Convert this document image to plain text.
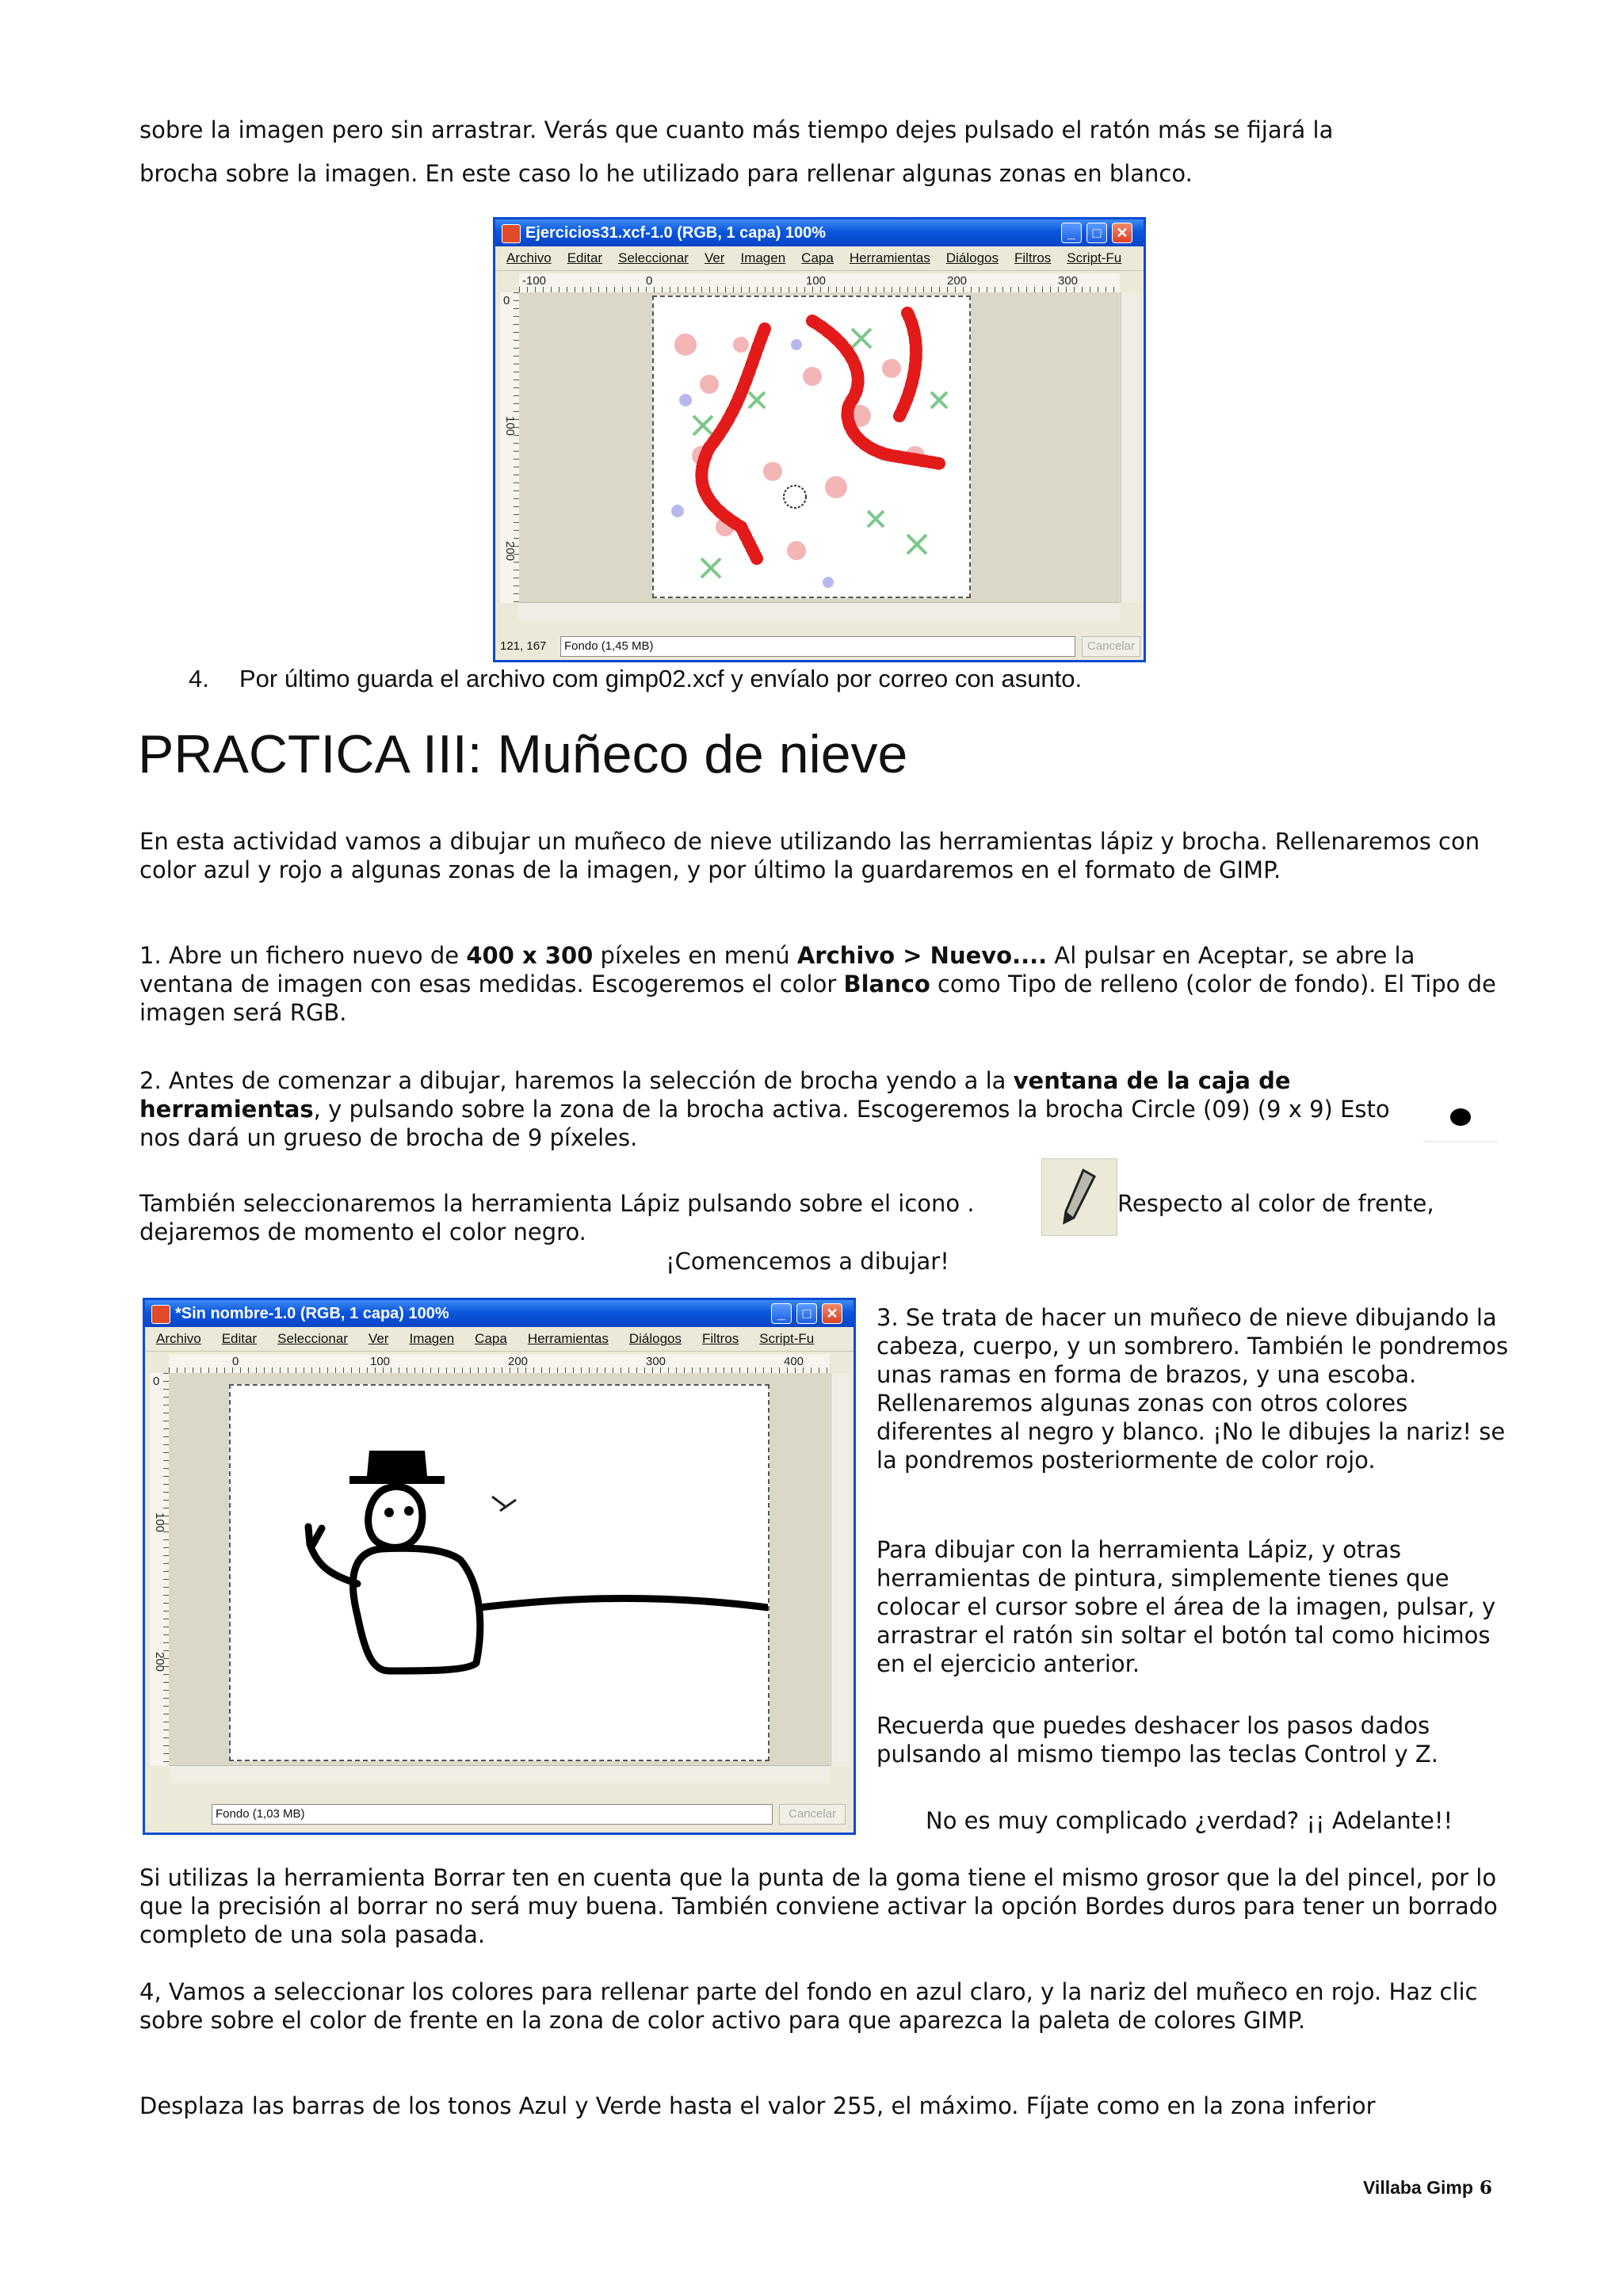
sobre la imagen pero sin arrastrar. Verás que cuanto más tiempo dejes pulsado el ratón más se fijará la
brocha sobre la imagen. En este caso lo he utilizado para rellenar algunas zonas en blanco.
Ejercicios31.xcf-1.0 (RGB, 1 capa) 100%	_	□	✕
Archivo Editar Seleccionar Ver Imagen Capa Herramientas Diálogos Filtros Script-Fu
-100	0	100	200	300
0
100
200
121, 167	Fondo (1,45 MB)	Cancelar
4. Por último guarda el archivo com gimp02.xcf y envíalo por correo con asunto.
PRACTICA III: Muñeco de nieve
En esta actividad vamos a dibujar un muñeco de nieve utilizando las herramientas lápiz y brocha. Rellenaremos con color azul y rojo a algunas zonas de la imagen, y por último la guardaremos en el formato de GIMP.
1. Abre un fichero nuevo de 400 x 300 píxeles en menú Archivo > Nuevo.... Al pulsar en Aceptar, se abre la ventana de imagen con esas medidas. Escogeremos el color Blanco como Tipo de relleno (color de fondo). El Tipo de imagen será RGB.
2. Antes de comenzar a dibujar, haremos la selección de brocha yendo a la ventana de la caja de herramientas, y pulsando sobre la zona de la brocha activa. Escogeremos la brocha Circle (09) (9 x 9) Esto nos dará un grueso de brocha de 9 píxeles.
También seleccionaremos la herramienta Lápiz pulsando sobre el icono .	Respecto al color de frente,
dejaremos de momento el color negro.
¡Comencemos a dibujar!
*Sin nombre-1.0 (RGB, 1 capa) 100%	_	□	✕
Archivo Editar Seleccionar Ver Imagen Capa Herramientas Diálogos Filtros Script-Fu
0	100	200	300	400
0
100
200
Fondo (1,03 MB)	Cancelar
3. Se trata de hacer un muñeco de nieve dibujando la cabeza, cuerpo, y un sombrero. También le pondremos unas ramas en forma de brazos, y una escoba. Rellenaremos algunas zonas con otros colores diferentes al negro y blanco. ¡No le dibujes la nariz! se la pondremos posteriormente de color rojo.
Para dibujar con la herramienta Lápiz, y otras herramientas de pintura, simplemente tienes que colocar el cursor sobre el área de la imagen, pulsar, y arrastrar el ratón sin soltar el botón tal como hicimos en el ejercicio anterior.
Recuerda que puedes deshacer los pasos dados pulsando al mismo tiempo las teclas Control y Z.
No es muy complicado ¿verdad? ¡¡ Adelante!!
Si utilizas la herramienta Borrar ten en cuenta que la punta de la goma tiene el mismo grosor que la del pincel, por lo que la precisión al borrar no será muy buena. También conviene activar la opción Bordes duros para tener un borrado completo de una sola pasada.
4, Vamos a seleccionar los colores para rellenar parte del fondo en azul claro, y la nariz del muñeco en rojo. Haz clic sobre sobre el color de frente en la zona de color activo para que aparezca la paleta de colores GIMP.
Desplaza las barras de los tonos Azul y Verde hasta el valor 255, el máximo. Fíjate como en la zona inferior
Villaba Gimp 6
